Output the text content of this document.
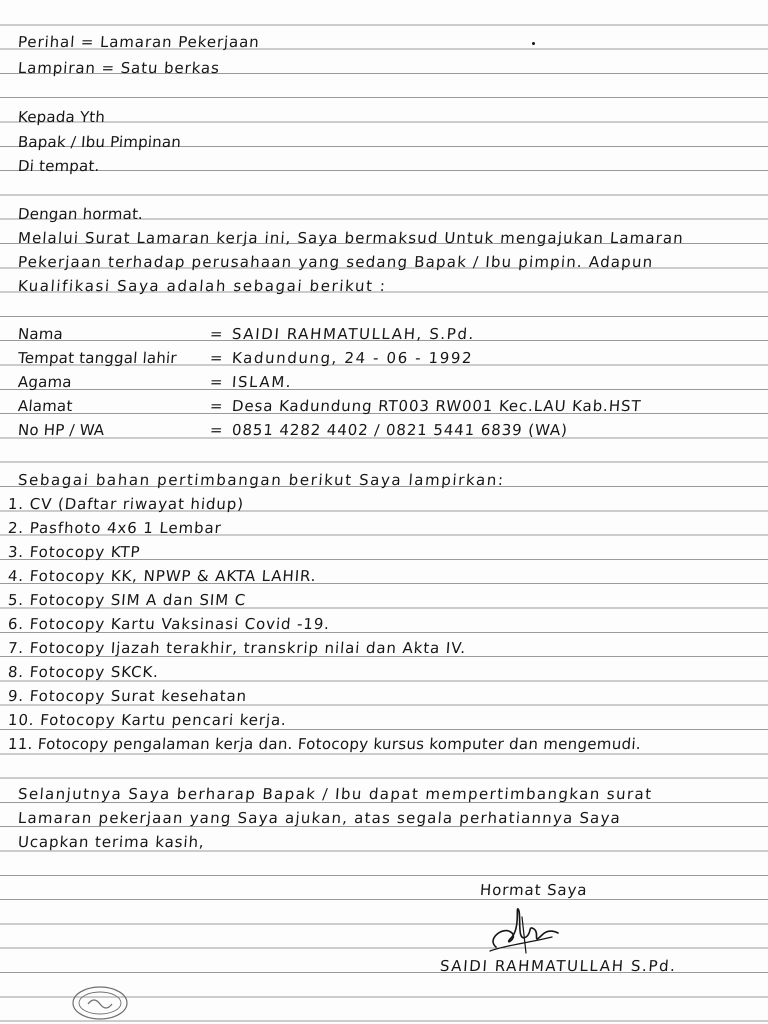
Perihal = Lamaran Pekerjaan
Lampiran = Satu berkas
Kepada Yth
Bapak / Ibu Pimpinan
Di tempat.
Dengan hormat.
Melalui Surat Lamaran kerja ini, Saya bermaksud Untuk mengajukan Lamaran
Pekerjaan terhadap perusahaan yang sedang Bapak / Ibu pimpin. Adapun
Kualifikasi Saya adalah sebagai berikut :
Nama	= SAIDI RAHMATULLAH, S.Pd.
Tempat tanggal lahir = Kadundung, 24 - 06 - 1992
Agama	= ISLAM.
Alamat	= Desa Kadundung RT003 RW001 Kec.LAU Kab.HST
No HP / WA	= 0851 4282 4402 / 0821 5441 6839 (WA)
Sebagai bahan pertimbangan berikut Saya lampirkan:
1. CV (Daftar riwayat hidup)
2. Pasfhoto 4x6 1 Lembar
3. Fotocopy KTP
4. Fotocopy KK, NPWP & AKTA LAHIR.
5. Fotocopy SIM A dan SIM C
6. Fotocopy Kartu Vaksinasi Covid -19.
7. Fotocopy Ijazah terakhir, transkrip nilai dan Akta IV.
8. Fotocopy SKCK.
9. Fotocopy Surat kesehatan
10. Fotocopy Kartu pencari kerja.
11. Fotocopy pengalaman kerja dan. Fotocopy kursus komputer dan mengemudi.
Selanjutnya Saya berharap Bapak / Ibu dapat mempertimbangkan surat
Lamaran pekerjaan yang Saya ajukan, atas segala perhatiannya Saya
Ucapkan terima kasih,
Hormat Saya
SAIDI RAHMATULLAH S.Pd.
